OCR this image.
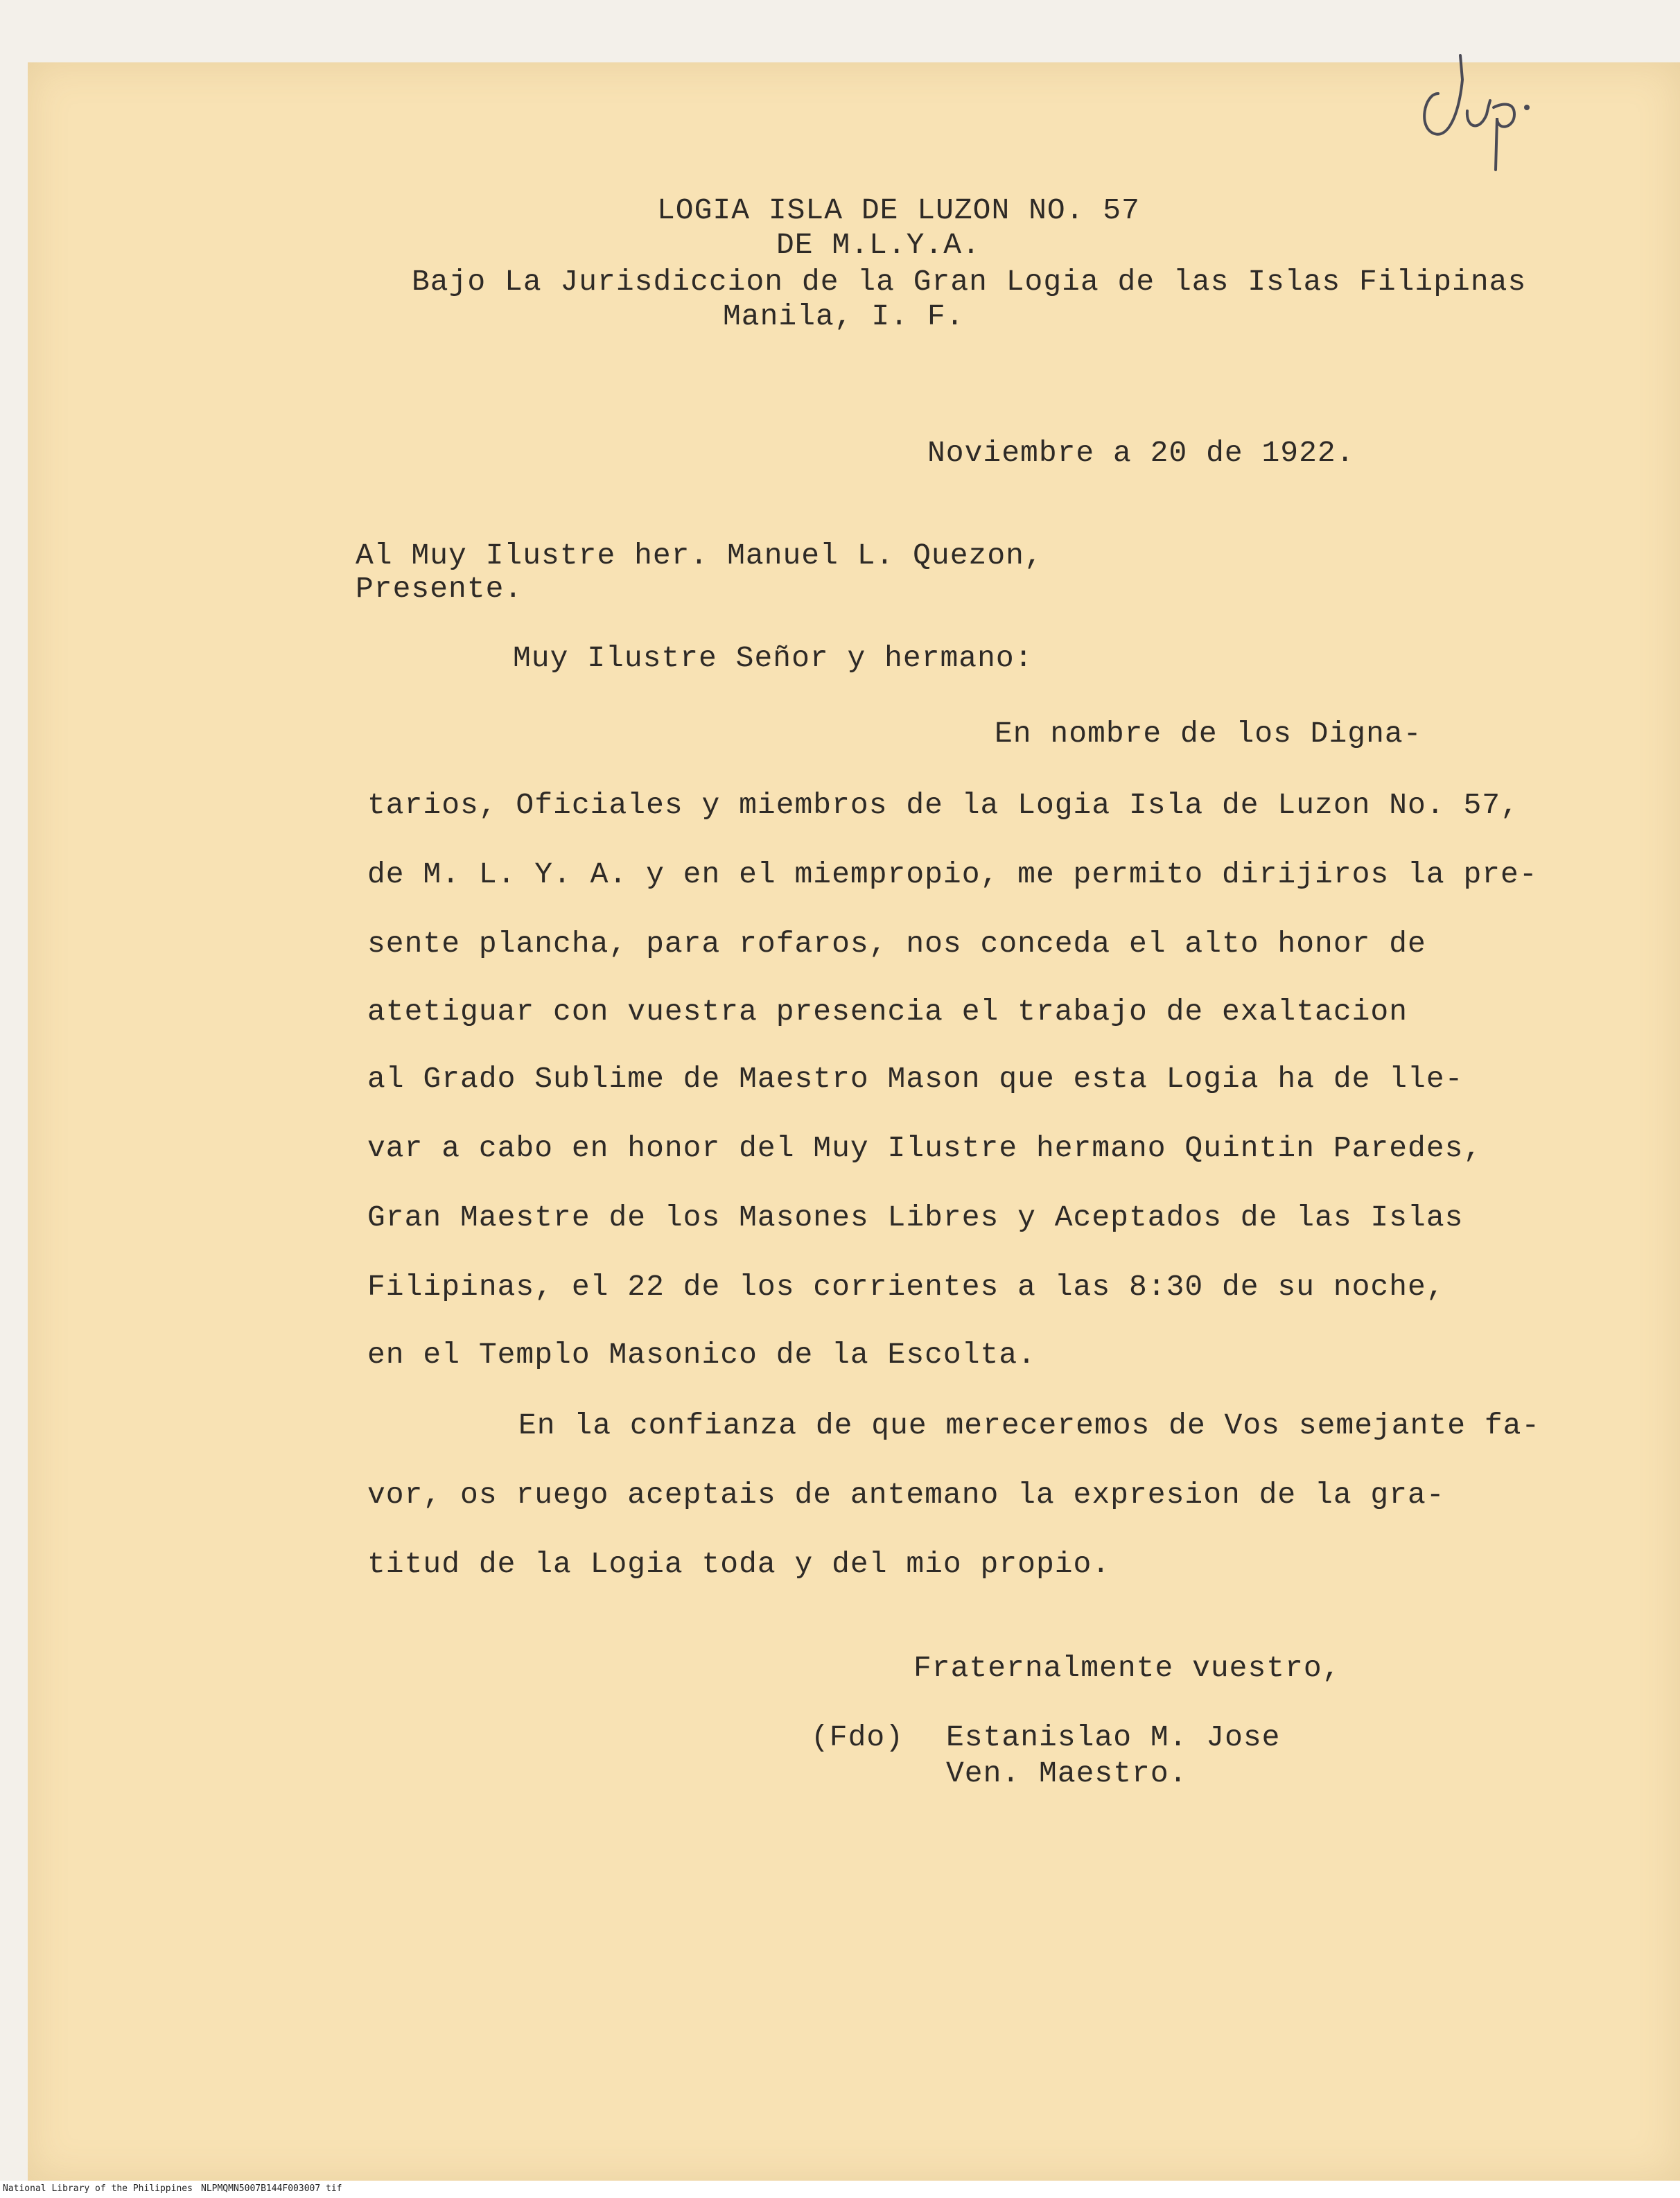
LOGIA ISLA DE LUZON NO. 57
DE M.L.Y.A.
Bajo La Jurisdiccion de la Gran Logia de las Islas Filipinas
Manila, I. F.
Noviembre a 20 de 1922.
Al Muy Ilustre her. Manuel L. Quezon,
Presente.
Muy Ilustre Señor y hermano:
En nombre de los Digna-
tarios, Oficiales y miembros de la Logia Isla de Luzon No. 57,
de M. L. Y. A. y en el miempropio, me permito dirijiros la pre-
sente plancha, para rofaros, nos conceda el alto honor de
atetiguar con vuestra presencia el trabajo de exaltacion
al Grado Sublime de Maestro Mason que esta Logia ha de lle-
var a cabo en honor del Muy Ilustre hermano Quintin Paredes,
Gran Maestre de los Masones Libres y Aceptados de las Islas
Filipinas, el 22 de los corrientes a las 8:30 de su noche,
en el Templo Masonico de la Escolta.
En la confianza de que mereceremos de Vos semejante fa-
vor, os ruego aceptais de antemano la expresion de la gra-
titud de la Logia toda y del mio propio.
Fraternalmente vuestro,
(Fdo) Estanislao M. Jose
Ven. Maestro.
National Library of the Philippines NLPMQMN5007B144F003007 tif
